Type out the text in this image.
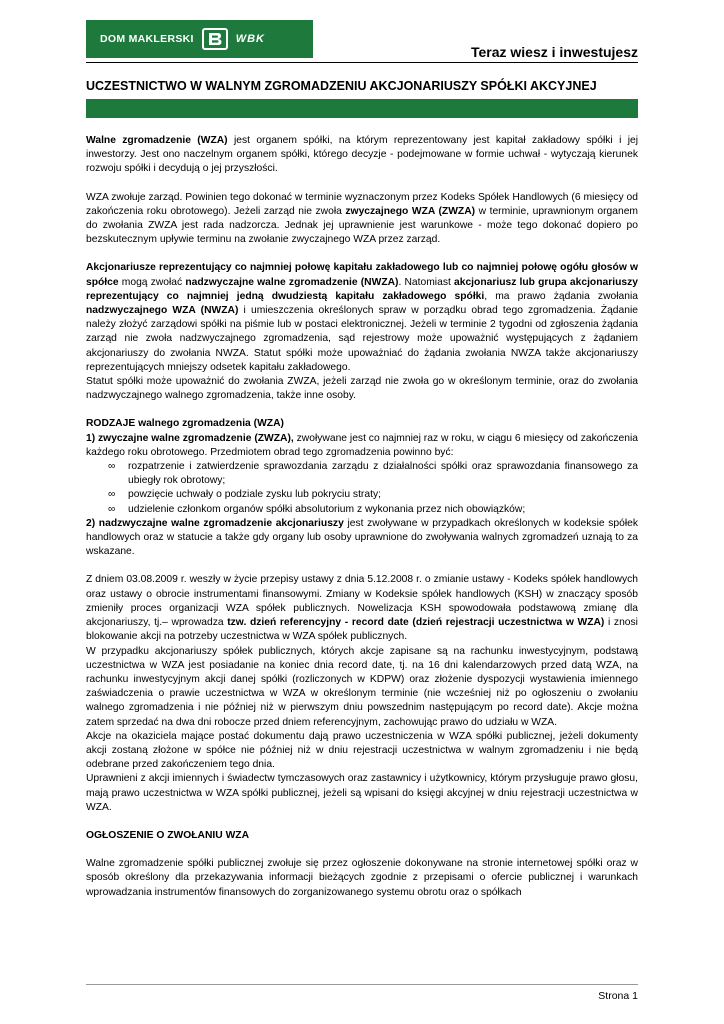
DOM MAKLERSKI	WBK
Teraz wiesz i inwestujesz
UCZESTNICTWO W WALNYM ZGROMADZENIU AKCJONARIUSZY SPÓŁKI AKCYJNEJ

Walne zgromadzenie (WZA) jest organem spółki, na którym reprezentowany jest kapitał zakładowy spółki i jej inwestorzy. Jest ono naczelnym organem spółki, którego decyzje - podejmowane w formie uchwał - wytyczają kierunek rozwoju spółki i decydują o jej przyszłości.

WZA zwołuje zarząd. Powinien tego dokonać w terminie wyznaczonym przez Kodeks Spółek Handlowych (6 miesięcy od zakończenia roku obrotowego). Jeżeli zarząd nie zwoła zwyczajnego WZA (ZWZA) w terminie, uprawnionym organem do zwołania ZWZA jest rada nadzorcza. Jednak jej uprawnienie jest warunkowe - może tego dokonać dopiero po bezskutecznym upływie terminu na zwołanie zwyczajnego WZA przez zarząd.

Akcjonariusze reprezentujący co najmniej połowę kapitału zakładowego lub co najmniej połowę ogółu głosów w spółce mogą zwołać nadzwyczajne walne zgromadzenie (NWZA). Natomiast akcjonariusz lub grupa akcjonariuszy reprezentujący co najmniej jedną dwudziestą kapitału zakładowego spółki, ma prawo żądania zwołania nadzwyczajnego WZA (NWZA) i umieszczenia określonych spraw w porządku obrad tego zgromadzenia. Żądanie należy złożyć zarządowi spółki na piśmie lub w postaci elektronicznej. Jeżeli w terminie 2 tygodni od zgłoszenia żądania zarząd nie zwoła nadzwyczajnego zgromadzenia, sąd rejestrowy może upoważnić występujących z żądaniem akcjonariuszy do zwołania NWZA. Statut spółki może upoważniać do żądania zwołania NWZA także akcjonariuszy reprezentujących mniejszy odsetek kapitału zakładowego.

Statut spółki może upoważnić do zwołania ZWZA, jeżeli zarząd nie zwoła go w określonym terminie, oraz do zwołania nadzwyczajnego walnego zgromadzenia, także inne osoby.

RODZAJE walnego zgromadzenia (WZA)

1) zwyczajne walne zgromadzenie (ZWZA), zwoływane jest co najmniej raz w roku, w ciągu 6 miesięcy od zakończenia każdego roku obrotowego. Przedmiotem obrad tego zgromadzenia powinno być:

∞ rozpatrzenie i zatwierdzenie sprawozdania zarządu z działalności spółki oraz sprawozdania finansowego za ubiegły rok obrotowy;
∞ powzięcie uchwały o podziale zysku lub pokryciu straty;
∞ udzielenie członkom organów spółki absolutorium z wykonania przez nich obowiązków;

2) nadzwyczajne walne zgromadzenie akcjonariuszy jest zwoływane w przypadkach określonych w kodeksie spółek handlowych oraz w statucie a także gdy organy lub osoby uprawnione do zwoływania walnych zgromadzeń uznają to za wskazane.

Z dniem 03.08.2009 r. weszły w życie przepisy ustawy z dnia 5.12.2008 r. o zmianie ustawy - Kodeks spółek handlowych oraz ustawy o obrocie instrumentami finansowymi. Zmiany w Kodeksie spółek handlowych (KSH) w znaczący sposób zmieniły proces organizacji WZA spółek publicznych. Nowelizacja KSH spowodowała podstawową zmianę dla akcjonariuszy, tj.– wprowadza tzw. dzień referencyjny - record date (dzień rejestracji uczestnictwa w WZA) i znosi blokowanie akcji na potrzeby uczestnictwa w WZA spółek publicznych.

W przypadku akcjonariuszy spółek publicznych, których akcje zapisane są na rachunku inwestycyjnym, podstawą uczestnictwa w WZA jest posiadanie na koniec dnia record date, tj. na 16 dni kalendarzowych przed datą WZA, na rachunku inwestycyjnym akcji danej spółki (rozliczonych w KDPW) oraz złożenie dyspozycji wystawienia imiennego zaświadczenia o prawie uczestnictwa w WZA w określonym terminie (nie wcześniej niż po ogłoszeniu o zwołaniu walnego zgromadzenia i nie później niż w pierwszym dniu powszednim następującym po record date). Akcje można zatem sprzedać na dwa dni robocze przed dniem referencyjnym, zachowując prawo do udziału w WZA.

Akcje na okaziciela mające postać dokumentu dają prawo uczestniczenia w WZA spółki publicznej, jeżeli dokumenty akcji zostaną złożone w spółce nie później niż w dniu rejestracji uczestnictwa w walnym zgromadzeniu i nie będą odebrane przed zakończeniem tego dnia.

Uprawnieni z akcji imiennych i świadectw tymczasowych oraz zastawnicy i użytkownicy, którym przysługuje prawo głosu, mają prawo uczestnictwa w WZA spółki publicznej, jeżeli są wpisani do księgi akcyjnej w dniu rejestracji uczestnictwa w WZA.

OGŁOSZENIE O ZWOŁANIU WZA

Walne zgromadzenie spółki publicznej zwołuje się przez ogłoszenie dokonywane na stronie internetowej spółki oraz w sposób określony dla przekazywania informacji bieżących zgodnie z przepisami o ofercie publicznej i warunkach wprowadzania instrumentów finansowych do zorganizowanego systemu obrotu oraz o spółkach

Strona 1
